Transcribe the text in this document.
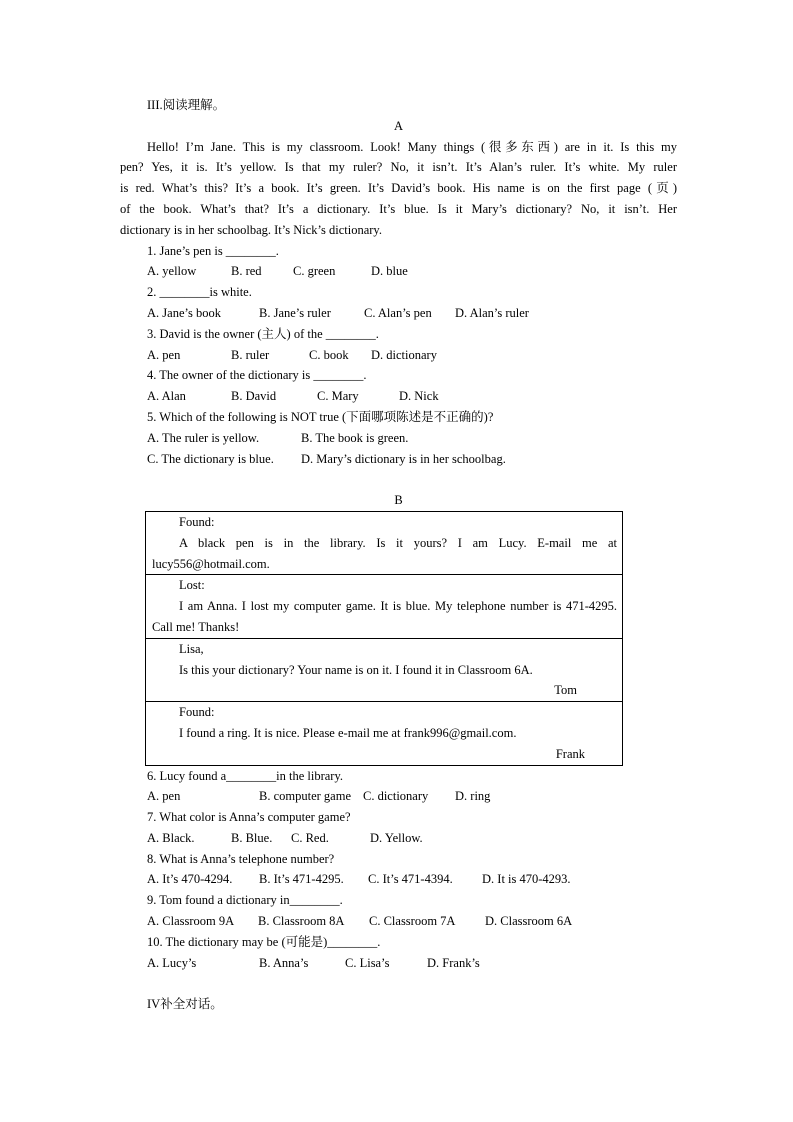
III.阅读理解。
A
Hello! I’m Jane. This is my classroom. Look! Many things (很多东西) are in it. Is this my
pen? Yes, it is. It’s yellow. Is that my ruler? No, it isn’t. It’s Alan’s ruler. It’s white. My ruler
is red. What’s this? It’s a book. It’s green. It’s David’s book. His name is on the first page (页)
of the book. What’s that? It’s a dictionary. It’s blue. Is it Mary’s dictionary? No, it isn’t. Her
dictionary is in her schoolbag. It’s Nick’s dictionary.
1. Jane’s pen is ________.
A. yellow	B. red	C. green	D. blue
2. ________is white.
A. Jane’s book	B. Jane’s ruler	C. Alan’s pen D. Alan’s ruler
3. David is the owner (主人) of the ________.
A. pen	B. ruler	C. book D. dictionary
4. The owner of the dictionary is ________.
A. Alan	B. David	C. Mary	D. Nick
5. Which of the following is NOT true (下面哪项陈述是不正确的)?
A. The ruler is yellow.	B. The book is green.
C. The dictionary is blue. D. Mary’s dictionary is in her schoolbag.
B
Found:
A black pen is in the library. Is it yours? I am Lucy. E-mail me at lucy556@hotmail.com.

Lost:
I am Anna. I lost my computer game. It is blue. My telephone number is 471-4295. Call me! Thanks!

Lisa,
Is this your dictionary? Your name is on it. I found it in Classroom 6A.
Tom

Found:
I found a ring. It is nice. Please e-mail me at frank996@gmail.com.
Frank
6. Lucy found a________in the library.
A. pen	B. computer game C. dictionary D. ring
7. What color is Anna’s computer game?
A. Black.	B. Blue. C. Red.	D. Yellow.
8. What is Anna’s telephone number?
A. It’s 470-4294. B. It’s 471-4295. C. It’s 471-4394. D. It is 470-4293.
9. Tom found a dictionary in________.
A. Classroom 9A B. Classroom 8A C. Classroom 7A D. Classroom 6A
10. The dictionary may be (可能是)________.
A. Lucy’s	B. Anna’s	C. Lisa’s	D. Frank’s
IV补全对话。
